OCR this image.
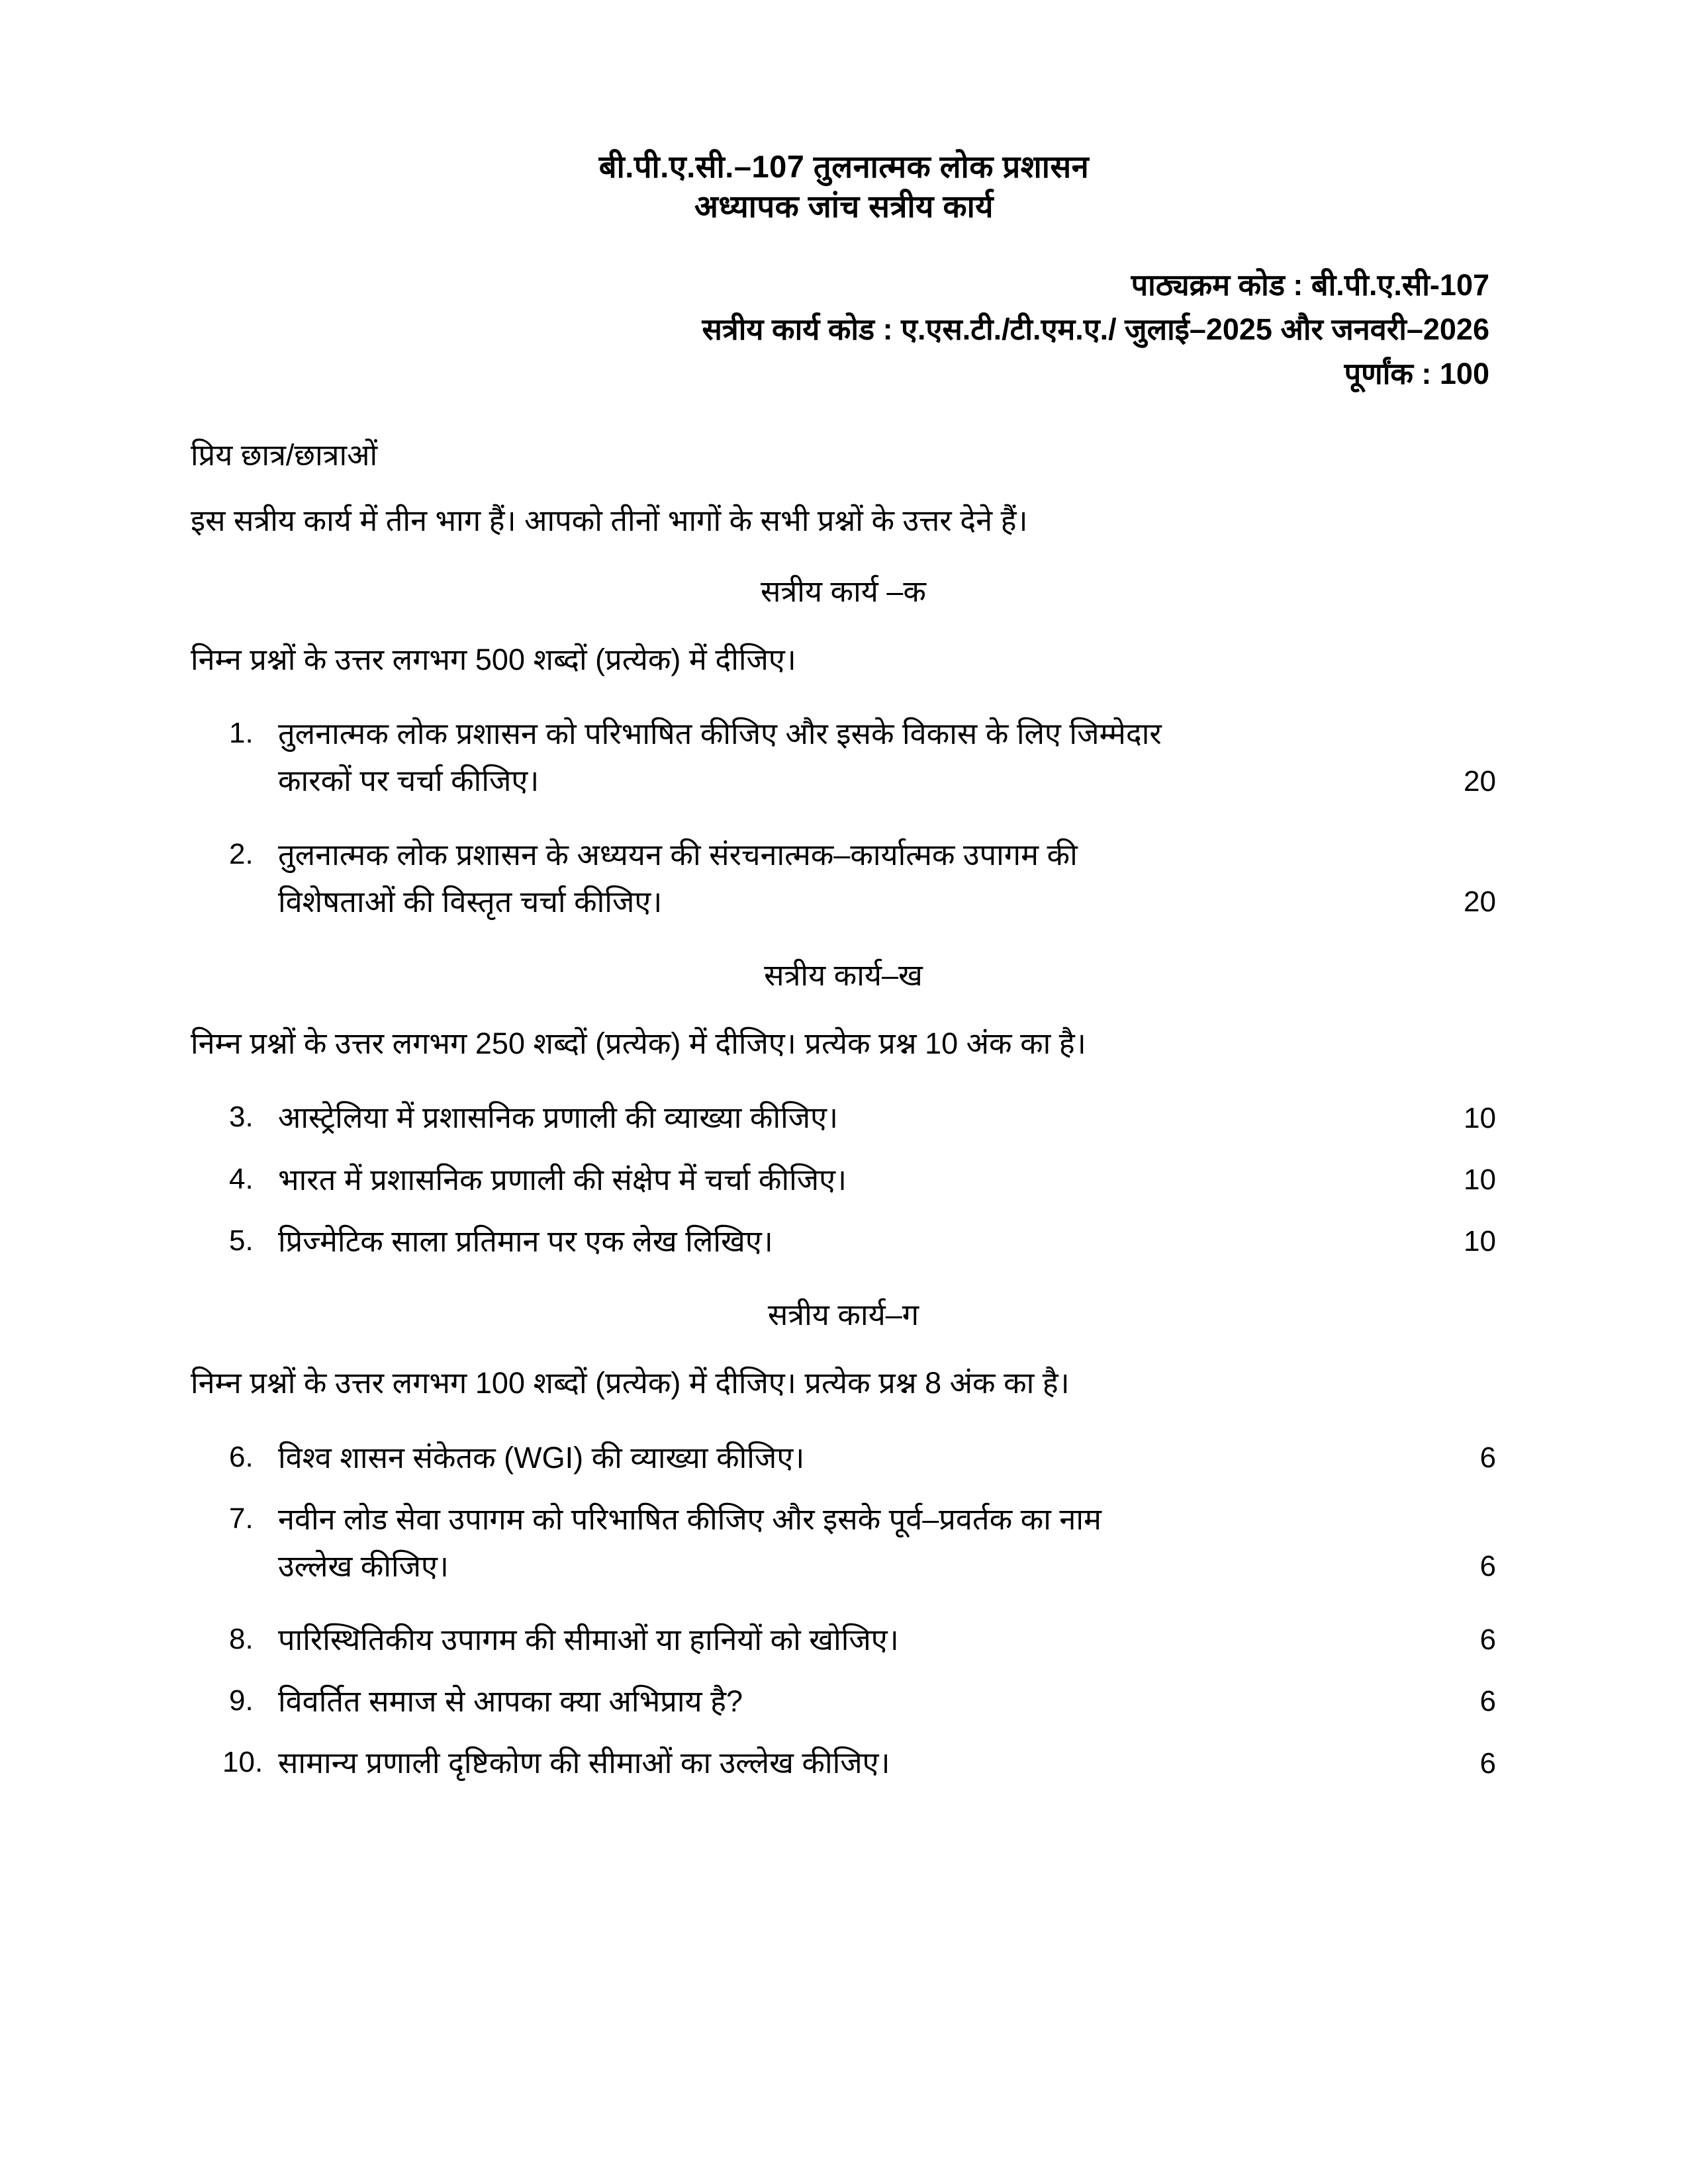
बी.पी.ए.सी.–107 तुलनात्मक लोक प्रशासन
अध्यापक जांच सत्रीय कार्य
पाठ्यक्रम कोड : बी.पी.ए.सी-107
सत्रीय कार्य कोड : ए.एस.टी./टी.एम.ए./ जुलाई–2025 और जनवरी–2026
पूर्णांक : 100
प्रिय छात्र/छात्राओं
इस सत्रीय कार्य में तीन भाग हैं। आपको तीनों भागों के सभी प्रश्नों के उत्तर देने हैं।
सत्रीय कार्य –क
निम्न प्रश्नों के उत्तर लगभग 500 शब्दों (प्रत्येक) में दीजिए।
1. तुलनात्मक लोक प्रशासन को परिभाषित कीजिए और इसके विकास के लिए जिम्मेदार
कारकों पर चर्चा कीजिए।	20
2. तुलनात्मक लोक प्रशासन के अध्ययन की संरचनात्मक–कार्यात्मक उपागम की
विशेषताओं की विस्तृत चर्चा कीजिए।	20
सत्रीय कार्य–ख
निम्न प्रश्नों के उत्तर लगभग 250 शब्दों (प्रत्येक) में दीजिए। प्रत्येक प्रश्न 10 अंक का है।
3. आस्ट्रेलिया में प्रशासनिक प्रणाली की व्याख्या कीजिए।	10
4. भारत में प्रशासनिक प्रणाली की संक्षेप में चर्चा कीजिए।	10
5. प्रिज्मेटिक साला प्रतिमान पर एक लेख लिखिए।	10
सत्रीय कार्य–ग
निम्न प्रश्नों के उत्तर लगभग 100 शब्दों (प्रत्येक) में दीजिए। प्रत्येक प्रश्न 8 अंक का है।
6. विश्व शासन संकेतक (WGI) की व्याख्या कीजिए।	6
7. नवीन लोड सेवा उपागम को परिभाषित कीजिए और इसके पूर्व–प्रवर्तक का नाम
उल्लेख कीजिए।	6
8. पारिस्थितिकीय उपागम की सीमाओं या हानियों को खोजिए।	6
9. विवर्तित समाज से आपका क्या अभिप्राय है?	6
10. सामान्य प्रणाली दृष्टिकोण की सीमाओं का उल्लेख कीजिए।	6
